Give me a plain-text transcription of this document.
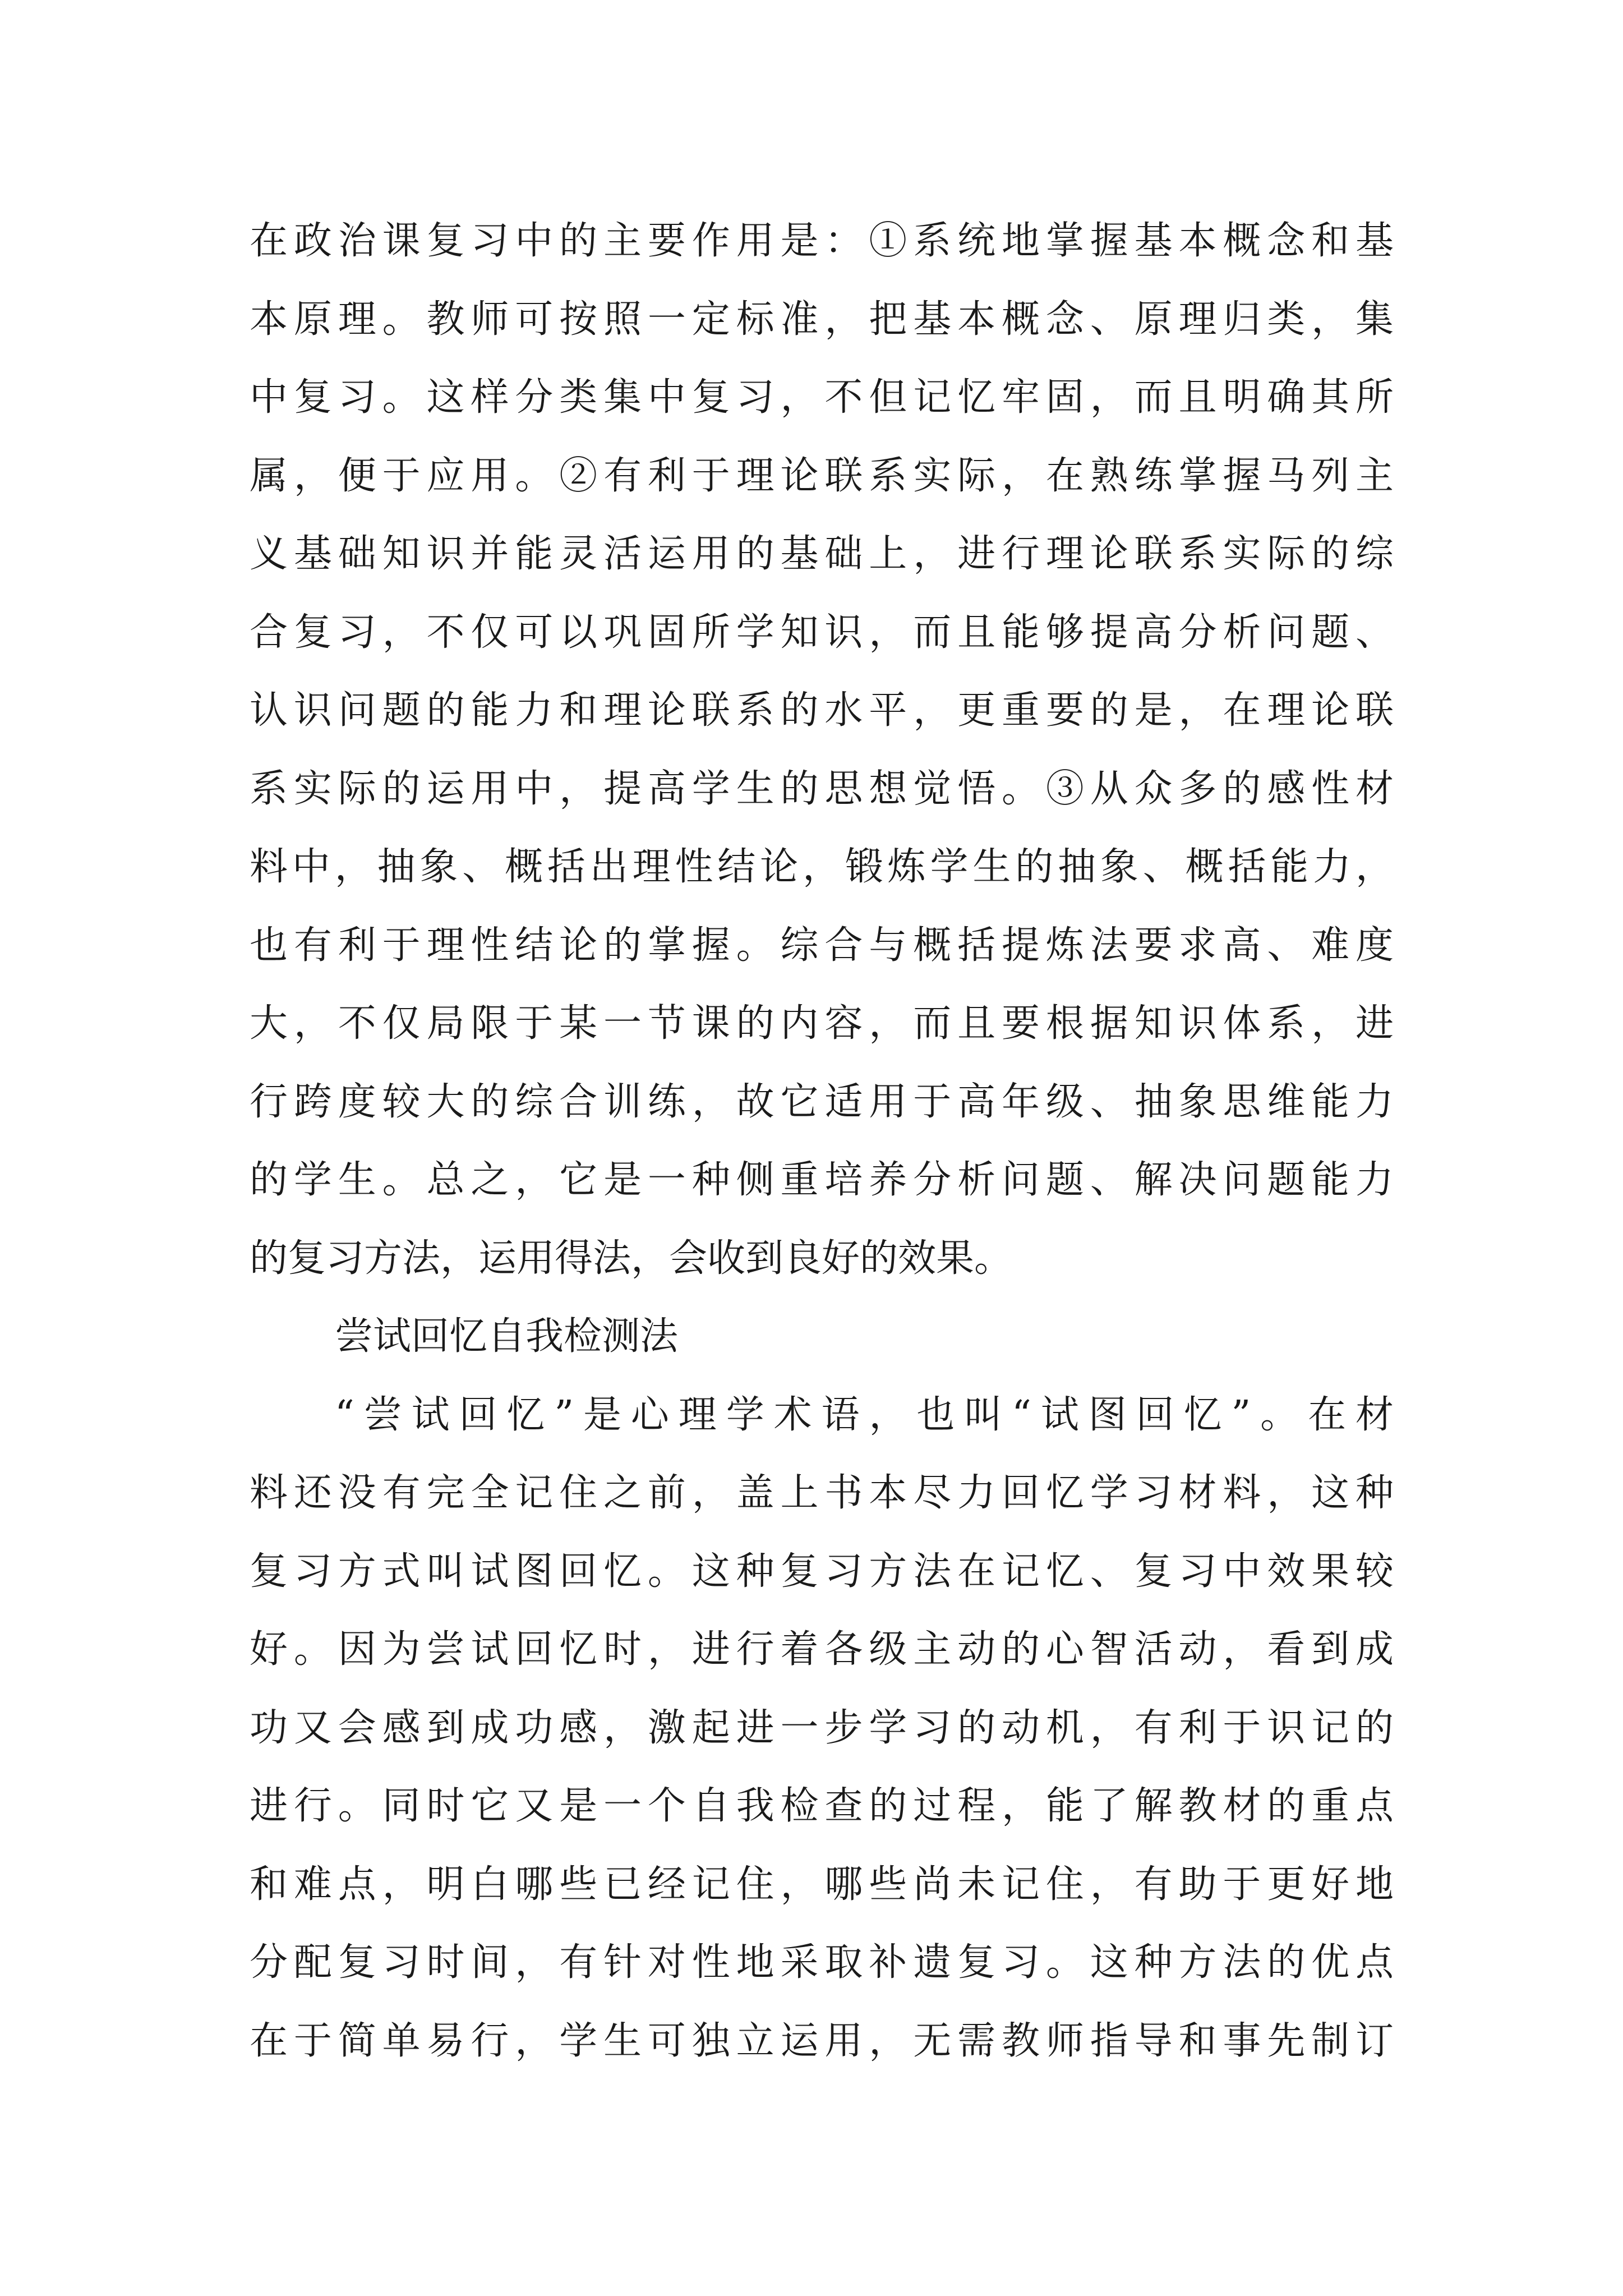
在政治课复习中的主要作用是：①系统地掌握基本概念和基
本原理。教师可按照一定标准，把基本概念、原理归类，集
中复习。这样分类集中复习，不但记忆牢固，而且明确其所
属，便于应用。②有利于理论联系实际，在熟练掌握马列主
义基础知识并能灵活运用的基础上，进行理论联系实际的综
合复习，不仅可以巩固所学知识，而且能够提高分析问题、
认识问题的能力和理论联系的水平，更重要的是，在理论联
系实际的运用中，提高学生的思想觉悟。③从众多的感性材
料中，抽象、概括出理性结论，锻炼学生的抽象、概括能力，
也有利于理性结论的掌握。综合与概括提炼法要求高、难度
大，不仅局限于某一节课的内容，而且要根据知识体系，进
行跨度较大的综合训练，故它适用于高年级、抽象思维能力
的学生。总之，它是一种侧重培养分析问题、解决问题能力
的复习方法，运用得法，会收到良好的效果。
尝试回忆自我检测法
“尝试回忆”是心理学术语，也叫“试图回忆”。在材
料还没有完全记住之前，盖上书本尽力回忆学习材料，这种
复习方式叫试图回忆。这种复习方法在记忆、复习中效果较
好。因为尝试回忆时，进行着各级主动的心智活动，看到成
功又会感到成功感，激起进一步学习的动机，有利于识记的
进行。同时它又是一个自我检查的过程，能了解教材的重点
和难点，明白哪些已经记住，哪些尚未记住，有助于更好地
分配复习时间，有针对性地采取补遗复习。这种方法的优点
在于简单易行，学生可独立运用，无需教师指导和事先制订
